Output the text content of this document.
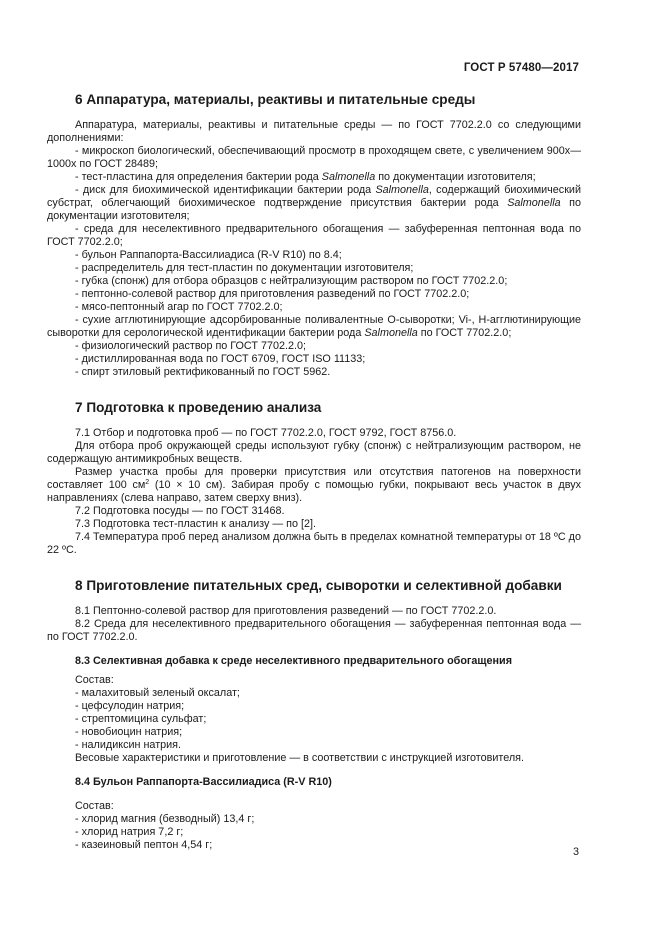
ГОСТ Р 57480—2017
6 Аппаратура, материалы, реактивы и питательные среды

Аппаратура, материалы, реактивы и питательные среды — по ГОСТ 7702.2.0 со следующими дополнениями:

- микроскоп биологический, обеспечивающий просмотр в проходящем свете, с увеличением 900х—1000х по ГОСТ 28489;

- тест-пластина для определения бактерии рода Salmonella по документации изготовителя;

- диск для биохимической идентификации бактерии рода Salmonella, содержащий биохимический субстрат, облегчающий биохимическое подтверждение присутствия бактерии рода Salmonella по документации изготовителя;

- среда для неселективного предварительного обогащения — забуференная пептонная вода по ГОСТ 7702.2.0;

- бульон Раппапорта-Вассилиадиса (R-V R10) по 8.4;

- распределитель для тест-пластин по документации изготовителя;

- губка (спонж) для отбора образцов с нейтрализующим раствором по ГОСТ 7702.2.0;

- пептонно-солевой раствор для приготовления разведений по ГОСТ 7702.2.0;

- мясо-пептонный агар по ГОСТ 7702.2.0;

- сухие агглютинирующие адсорбированные поливалентные О-сыворотки; Vi-, H-агглютинирующие сыворотки для серологической идентификации бактерии рода Salmonella по ГОСТ 7702.2.0;

- физиологический раствор по ГОСТ 7702.2.0;

- дистиллированная вода по ГОСТ 6709, ГОСТ ISO 11133;

- спирт этиловый ректификованный по ГОСТ 5962.

7 Подготовка к проведению анализа

7.1 Отбор и подготовка проб — по ГОСТ 7702.2.0, ГОСТ 9792, ГОСТ 8756.0.

Для отбора проб окружающей среды используют губку (спонж) с нейтрализующим раствором, не содержащую антимикробных веществ.

Размер участка пробы для проверки присутствия или отсутствия патогенов на поверхности составляет 100 $см^2$ (10 × 10 см). Забирая пробу с помощью губки, покрывают весь участок в двух направлениях (слева направо, затем сверху вниз).

7.2 Подготовка посуды — по ГОСТ 31468.

7.3 Подготовка тест-пластин к анализу — по [2].

7.4 Температура проб перед анализом должна быть в пределах комнатной температуры от 18 ºС до 22 ºС.

8 Приготовление питательных сред, сыворотки и селективной добавки

8.1 Пептонно-солевой раствор для приготовления разведений — по ГОСТ 7702.2.0.

8.2 Среда для неселективного предварительного обогащения — забуференная пептонная вода — по ГОСТ 7702.2.0.

8.3 Селективная добавка к среде неселективного предварительного обогащения

Состав:

- малахитовый зеленый оксалат;

- цефсулодин натрия;

- стрептомицина сульфат;

- новобиоцин натрия;

- налидиксин натрия.

Весовые характеристики и приготовление — в соответствии с инструкцией изготовителя.

8.4 Бульон Раппапорта-Вассилиадиса (R-V R10)

Состав:

- хлорид магния (безводный) 13,4 г;

- хлорид натрия 7,2 г;

- казеиновый пептон 4,54 г;

3
